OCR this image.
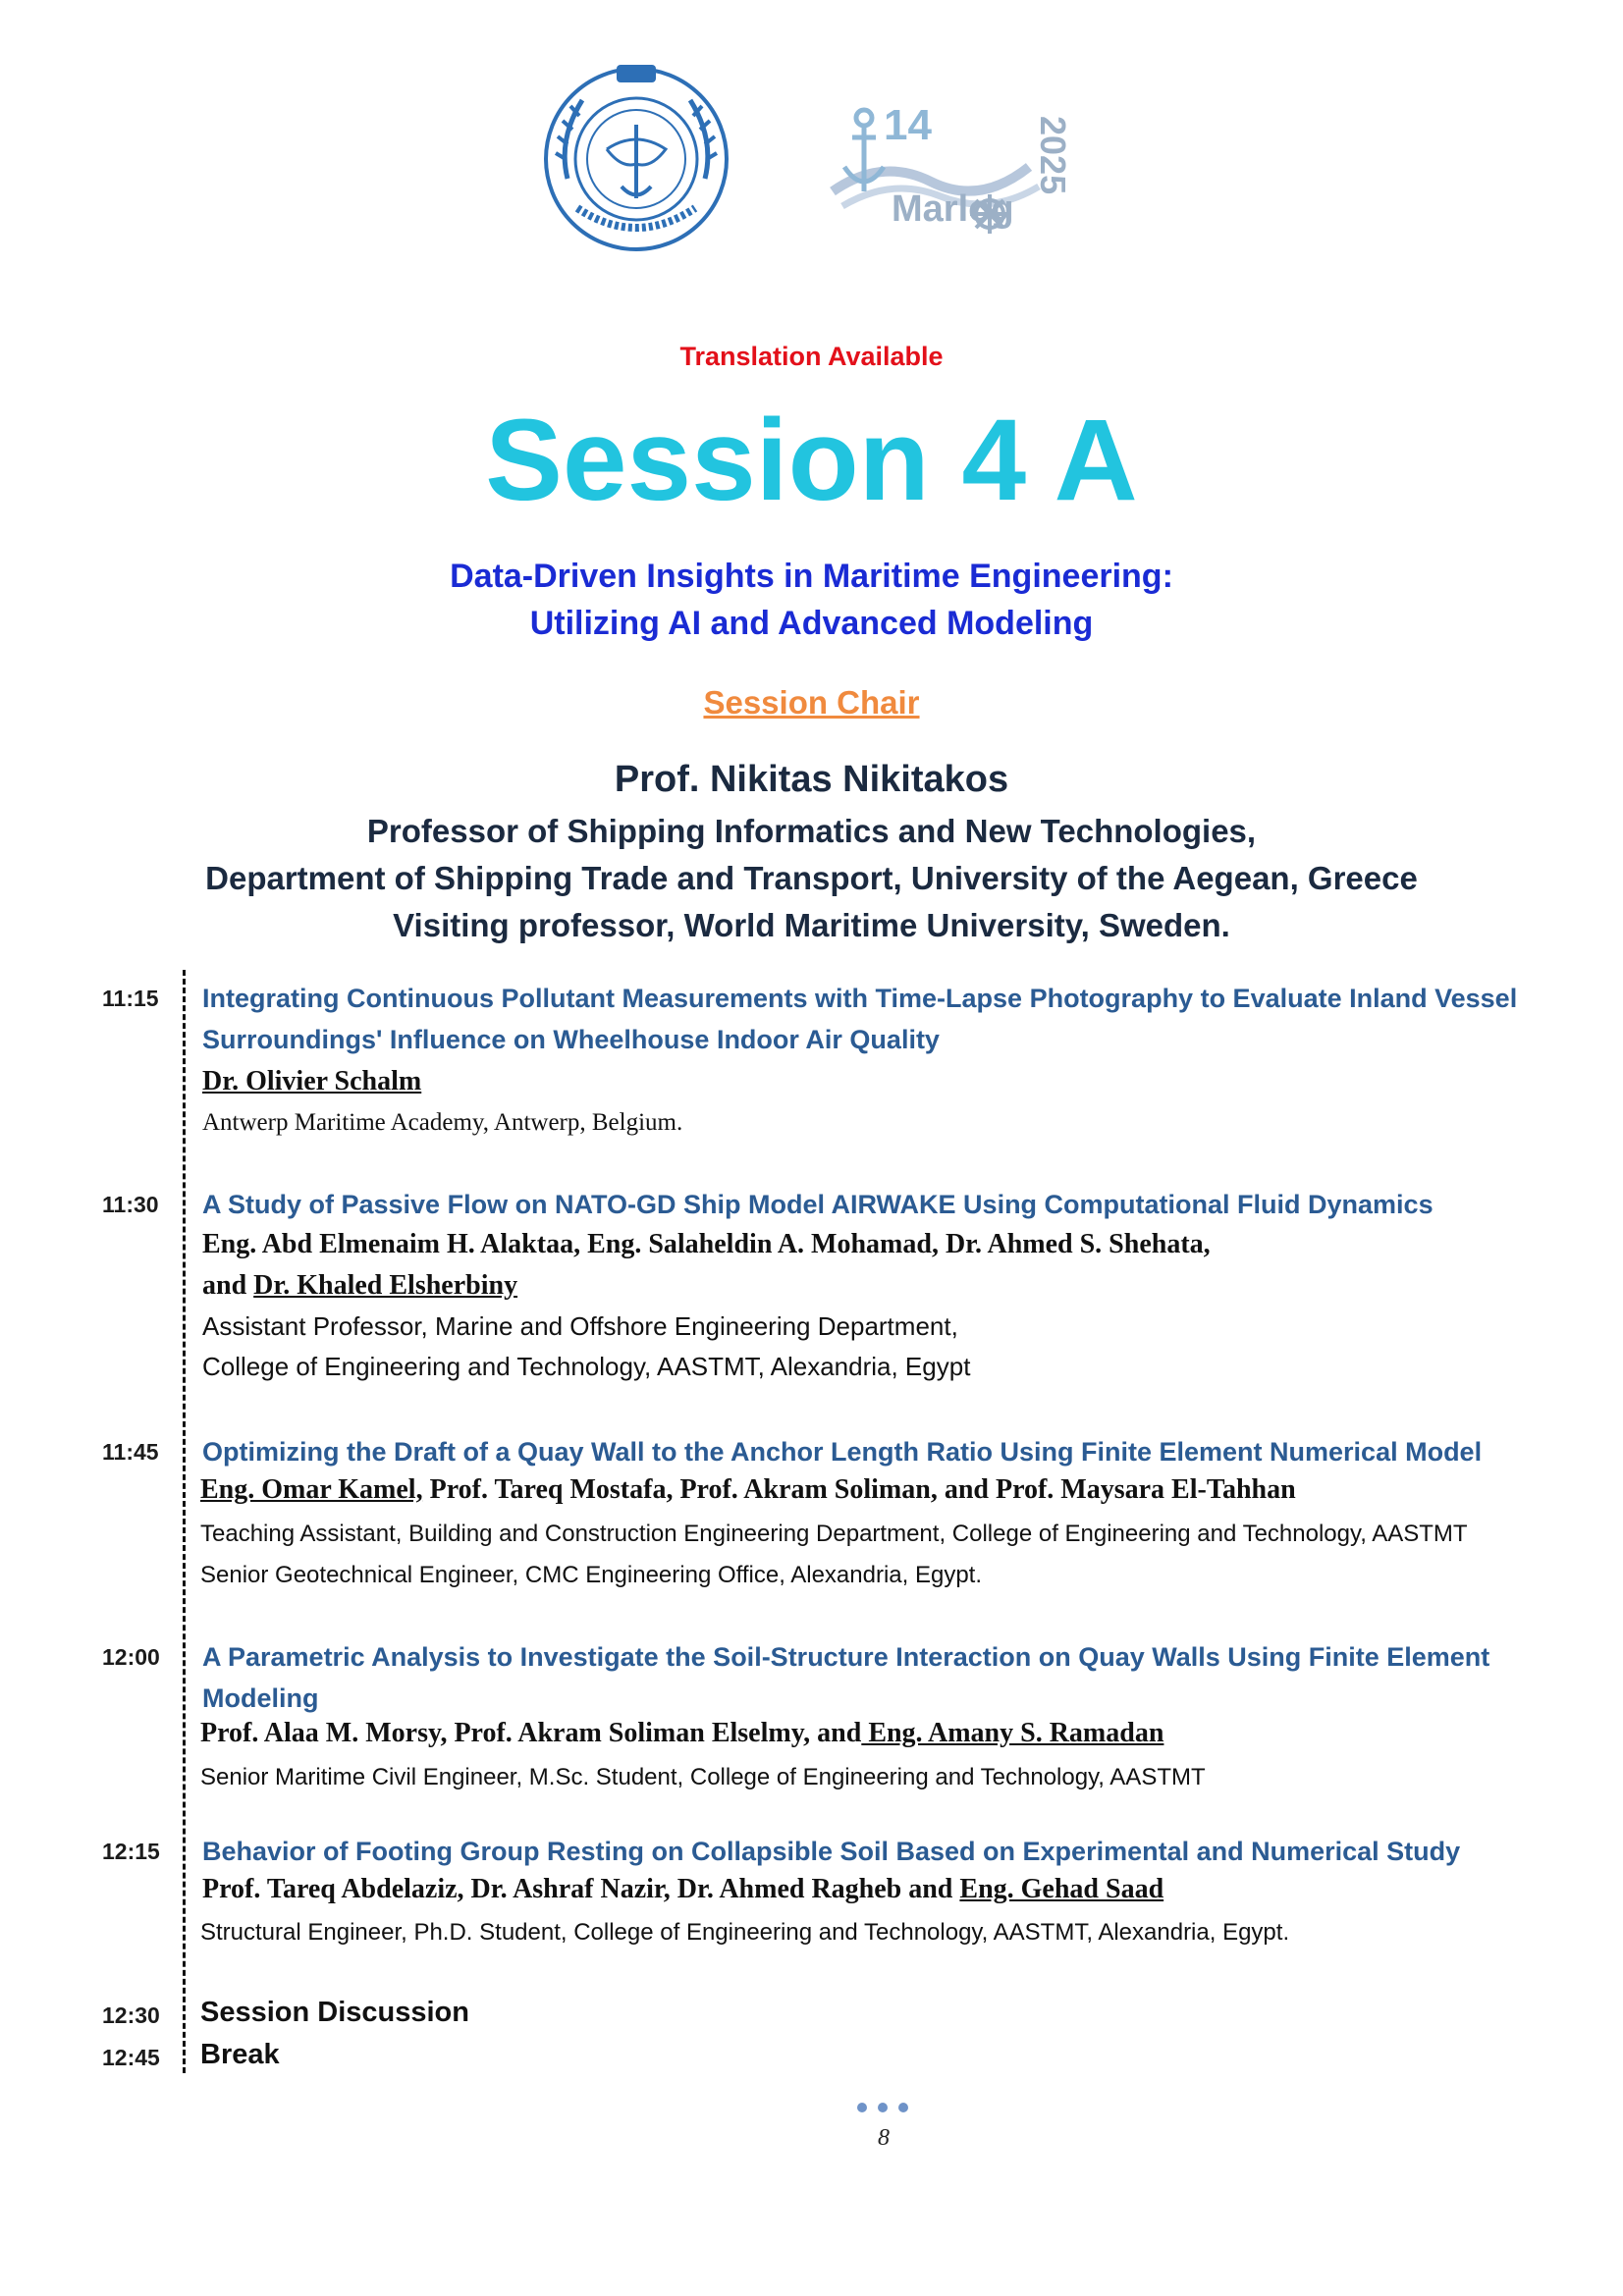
14
Marlog
2025
Translation Available
Session 4 A
Data-Driven Insights in Maritime Engineering:
Utilizing AI and Advanced Modeling
Session Chair
Prof. Nikitas Nikitakos
Professor of Shipping Informatics and New Technologies,
Department of Shipping Trade and Transport, University of the Aegean, Greece
Visiting professor, World Maritime University, Sweden.
11:15 Integrating Continuous Pollutant Measurements with Time-Lapse Photography to Evaluate Inland Vessel
Surroundings' Influence on Wheelhouse Indoor Air Quality
Dr. Olivier Schalm
Antwerp Maritime Academy, Antwerp, Belgium.
11:30 A Study of Passive Flow on NATO-GD Ship Model AIRWAKE Using Computational Fluid Dynamics
Eng. Abd Elmenaim H. Alaktaa, Eng. Salaheldin A. Mohamad, Dr. Ahmed S. Shehata,
and Dr. Khaled Elsherbiny
Assistant Professor, Marine and Offshore Engineering Department,
College of Engineering and Technology, AASTMT, Alexandria, Egypt
11:45 Optimizing the Draft of a Quay Wall to the Anchor Length Ratio Using Finite Element Numerical Model
Eng. Omar Kamel, Prof. Tareq Mostafa, Prof. Akram Soliman, and Prof. Maysara El-Tahhan
Teaching Assistant, Building and Construction Engineering Department, College of Engineering and Technology, AASTMT
Senior Geotechnical Engineer, CMC Engineering Office, Alexandria, Egypt.
12:00 A Parametric Analysis to Investigate the Soil-Structure Interaction on Quay Walls Using Finite Element
Modeling
Prof. Alaa M. Morsy, Prof. Akram Soliman Elselmy, and Eng. Amany S. Ramadan
Senior Maritime Civil Engineer, M.Sc. Student, College of Engineering and Technology, AASTMT
12:15 Behavior of Footing Group Resting on Collapsible Soil Based on Experimental and Numerical Study
Prof. Tareq Abdelaziz, Dr. Ashraf Nazir, Dr. Ahmed Ragheb and Eng. Gehad Saad
Structural Engineer, Ph.D. Student, College of Engineering and Technology, AASTMT, Alexandria, Egypt.
12:30 Session Discussion
12:45 Break
8
